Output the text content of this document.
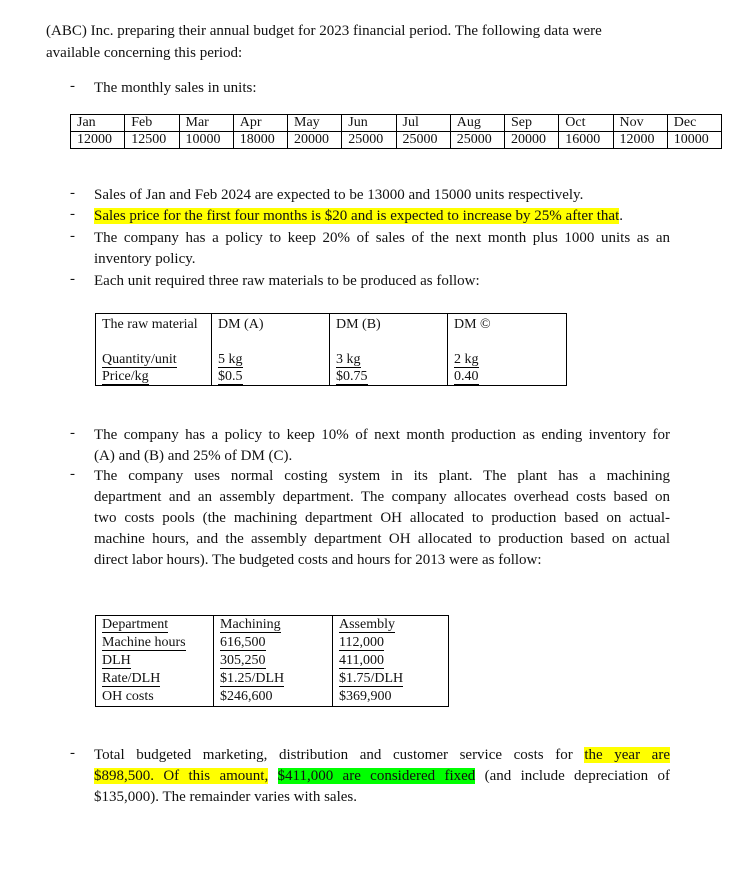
(ABC) Inc. preparing their annual budget for 2023 financial period. The following data were
available concerning this period:
- The monthly sales in units:
Jan	Feb	Mar	Apr	May	Jun	Jul	Aug	Sep	Oct	Nov	Dec
12000	12500	10000	18000	20000	25000	25000	25000	20000	16000	12000	10000
- Sales of Jan and Feb 2024 are expected to be 13000 and 15000 units respectively.
- Sales price for the first four months is $20 and is expected to increase by 25% after that.
- The company has a policy to keep 20% of sales of the next month plus 1000 units as an
inventory policy.
- Each unit required three raw materials to be produced as follow:
The raw material	DM (A)	DM (B)	DM ©
Quantity/unit	5 kg	3 kg	2 kg
Price/kg	$0.5	$0.75	0.40
- The company has a policy to keep 10% of next month production as ending inventory for
(A) and (B) and 25% of DM (C).
- The company uses normal costing system in its plant. The plant has a machining
department and an assembly department. The company allocates overhead costs based on
two costs pools (the machining department OH allocated to production based on actual-
machine hours, and the assembly department OH allocated to production based on actual
direct labor hours). The budgeted costs and hours for 2013 were as follow:
Department	Machining	Assembly
Machine hours	616,500	112,000
DLH	305,250	411,000
Rate/DLH	$1.25/DLH	$1.75/DLH
OH costs	$246,600	$369,900
- Total budgeted marketing, distribution and customer service costs for the year are
$898,500. Of this amount, $411,000 are considered fixed (and include depreciation of
$135,000). The remainder varies with sales.
